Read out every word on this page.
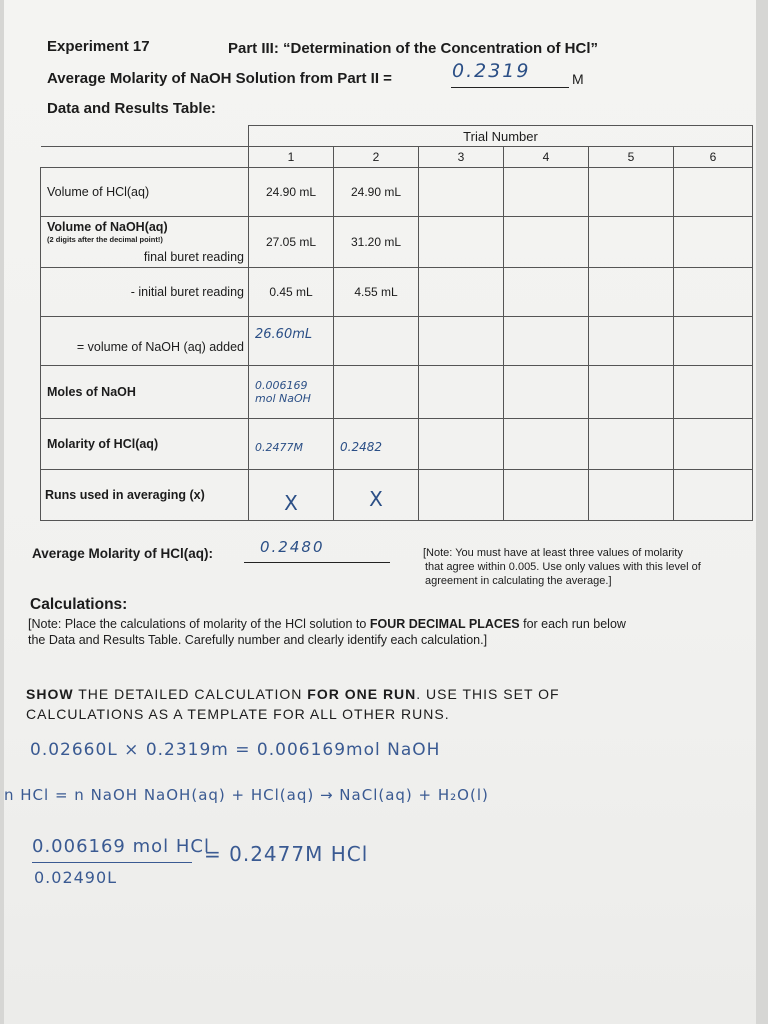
Experiment 17	Part III: “Determination of the Concentration of HCl”
Average Molarity of NaOH Solution from Part II =	0.2319	M
Data and Results Table:
	Trial Number					
	1	2	3	4	5	6
Volume of HCl(aq)	24.90 mL	24.90 mL				

Volume of NaOH(aq)
(2 digits after the decimal point!)
final buret reading	27.05 mL	31.20 mL				
- initial buret reading	0.45 mL	4.55 mL				
= volume of NaOH (aq) added	26.60mL					

Moles of NaOH	0.006169
mol NaOH					

Molarity of HCl(aq)	0.2477M	0.2482				

Runs used in averaging (x)	X	X				
Average Molarity of HCl(aq):	0.2480	[Note: You must have at least three values of molarity
that agree within 0.005. Use only values with this level of
agreement in calculating the average.]
Calculations:
[Note: Place the calculations of molarity of the HCl solution to FOUR DECIMAL PLACES for each run below
the Data and Results Table. Carefully number and clearly identify each calculation.]
SHOW THE DETAILED CALCULATION FOR ONE RUN. USE THIS SET OF
CALCULATIONS AS A TEMPLATE FOR ALL OTHER RUNS.
0.02660L × 0.2319m = 0.006169mol NaOH
n HCl = n NaOH NaOH(aq) + HCl(aq) → NaCl(aq) + H₂O(l)
0.006169 mol HCl
0.02490L
= 0.2477M HCl
